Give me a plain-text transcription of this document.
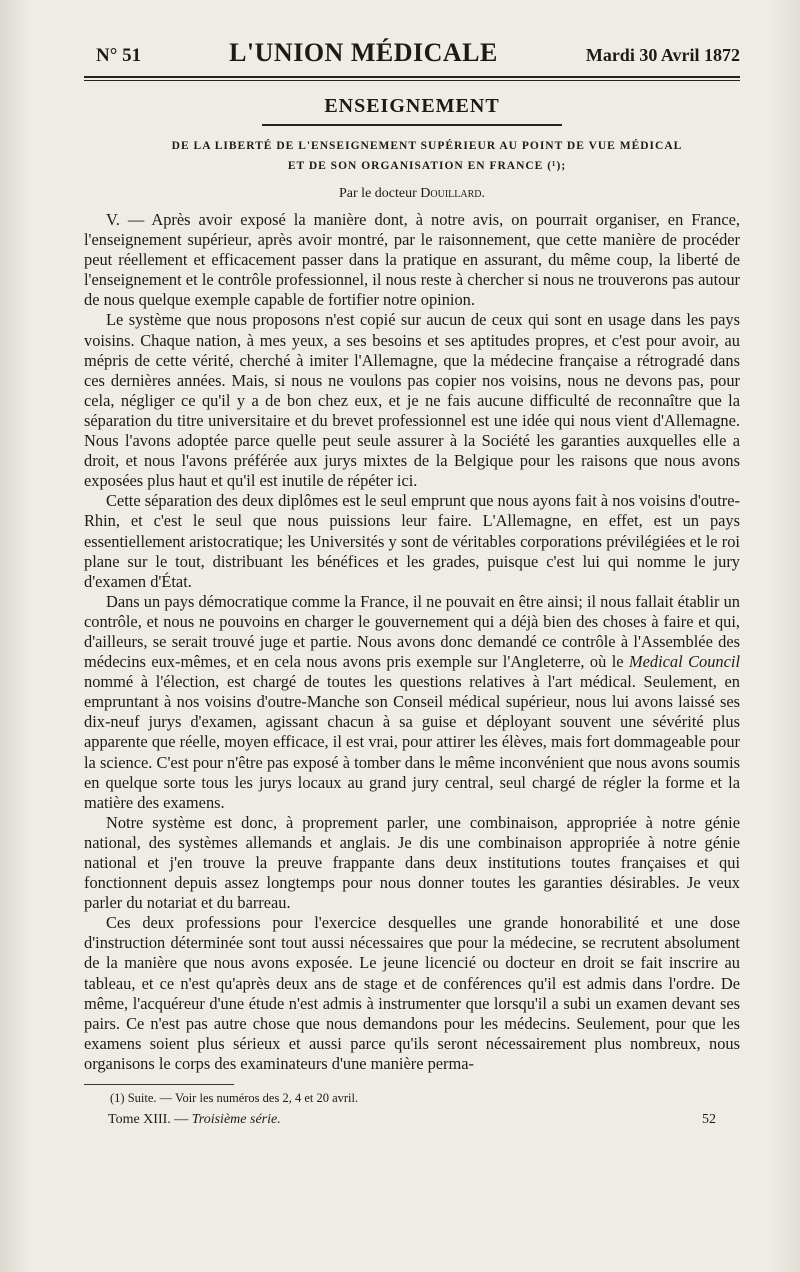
N° 51	L'UNION MÉDICALE	Mardi 30 Avril 1872
ENSEIGNEMENT
DE LA LIBERTÉ DE L'ENSEIGNEMENT SUPÉRIEUR AU POINT DE VUE MÉDICAL
ET DE SON ORGANISATION EN FRANCE (¹);
Par le docteur Douillard.

V. — Après avoir exposé la manière dont, à notre avis, on pourrait organiser, en France, l'enseignement supérieur, après avoir montré, par le raisonnement, que cette manière de procéder peut réellement et efficacement passer dans la pratique en assurant, du même coup, la liberté de l'enseignement et le contrôle professionnel, il nous reste à chercher si nous ne trouverons pas autour de nous quelque exemple capable de fortifier notre opinion.

Le système que nous proposons n'est copié sur aucun de ceux qui sont en usage dans les pays voisins. Chaque nation, à mes yeux, a ses besoins et ses aptitudes propres, et c'est pour avoir, au mépris de cette vérité, cherché à imiter l'Allemagne, que la médecine française a rétrogradé dans ces dernières années. Mais, si nous ne voulons pas copier nos voisins, nous ne devons pas, pour cela, négliger ce qu'il y a de bon chez eux, et je ne fais aucune difficulté de reconnaître que la séparation du titre universitaire et du brevet professionnel est une idée qui nous vient d'Allemagne. Nous l'avons adoptée parce quelle peut seule assurer à la Société les garanties auxquelles elle a droit, et nous l'avons préférée aux jurys mixtes de la Belgique pour les raisons que nous avons exposées plus haut et qu'il est inutile de répéter ici.

Cette séparation des deux diplômes est le seul emprunt que nous ayons fait à nos voisins d'outre-Rhin, et c'est le seul que nous puissions leur faire. L'Allemagne, en effet, est un pays essentiellement aristocratique; les Universités y sont de véritables corporations prévilégiées et le roi plane sur le tout, distribuant les bénéfices et les grades, puisque c'est lui qui nomme le jury d'examen d'État.

Dans un pays démocratique comme la France, il ne pouvait en être ainsi; il nous fallait établir un contrôle, et nous ne pouvoins en charger le gouvernement qui a déjà bien des choses à faire et qui, d'ailleurs, se serait trouvé juge et partie. Nous avons donc demandé ce contrôle à l'Assemblée des médecins eux-mêmes, et en cela nous avons pris exemple sur l'Angleterre, où le Medical Council nommé à l'élection, est chargé de toutes les questions relatives à l'art médical. Seulement, en empruntant à nos voisins d'outre-Manche son Conseil médical supérieur, nous lui avons laissé ses dix-neuf jurys d'examen, agissant chacun à sa guise et déployant souvent une sévérité plus apparente que réelle, moyen efficace, il est vrai, pour attirer les élèves, mais fort dommageable pour la science. C'est pour n'être pas exposé à tomber dans le même inconvénient que nous avons soumis en quelque sorte tous les jurys locaux au grand jury central, seul chargé de régler la forme et la matière des examens.

Notre système est donc, à proprement parler, une combinaison, appropriée à notre génie national, des systèmes allemands et anglais. Je dis une combinaison appropriée à notre génie national et j'en trouve la preuve frappante dans deux institutions toutes françaises et qui fonctionnent depuis assez longtemps pour nous donner toutes les garanties désirables. Je veux parler du notariat et du barreau.

Ces deux professions pour l'exercice desquelles une grande honorabilité et une dose d'instruction déterminée sont tout aussi nécessaires que pour la médecine, se recrutent absolument de la manière que nous avons exposée. Le jeune licencié ou docteur en droit se fait inscrire au tableau, et ce n'est qu'après deux ans de stage et de conférences qu'il est admis dans l'ordre. De même, l'acquéreur d'une étude n'est admis à instrumenter que lorsqu'il a subi un examen devant ses pairs. Ce n'est pas autre chose que nous demandons pour les médecins. Seulement, pour que les examens soient plus sérieux et aussi parce qu'ils seront nécessairement plus nombreux, nous organisons le corps des examinateurs d'une manière perma-

(1) Suite. — Voir les numéros des 2, 4 et 20 avril.
Tome XIII. — Troisième série.	52
